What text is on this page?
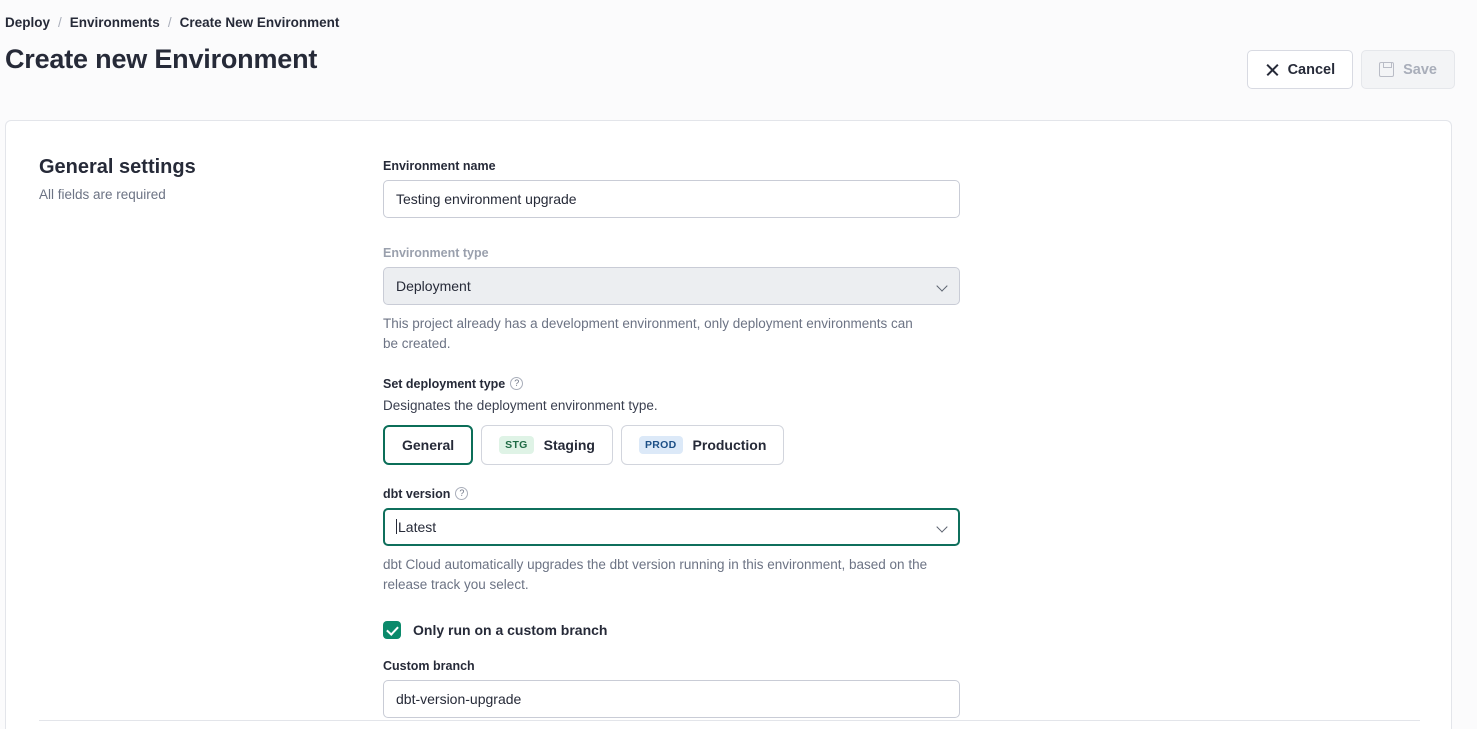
Deploy / Environments / Create New Environment
Create new Environment	Cancel	Save
General settings
All fields are required
Environment name
Testing environment upgrade
Environment type
Deployment
This project already has a development environment, only deployment environments can be created.
Set deployment type ?
Designates the deployment environment type.
General	STG	Staging	PROD	Production
dbt version ?
Latest
dbt Cloud automatically upgrades the dbt version running in this environment, based on the release track you select.
Only run on a custom branch
Custom branch
dbt-version-upgrade
